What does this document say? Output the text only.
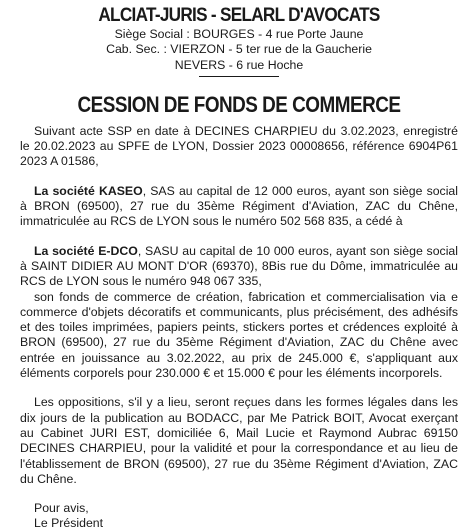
ALCIAT-JURIS - SELARL D'AVOCATS

Siège Social : BOURGES - 4 rue Porte Jaune

Cab. Sec. : VIERZON - 5 ter rue de la Gaucherie

NEVERS - 6 rue Hoche

CESSION DE FONDS DE COMMERCE

Suivant acte SSP en date à DECINES CHARPIEU du 3.02.2023, enregistré le 20.02.2023 au SPFE de LYON, Dossier 2023 00008656, référence 6904P61 2023 A 01586,

La société KASEO, SAS au capital de 12 000 euros, ayant son siège social à BRON (69500), 27 rue du 35ème Régiment d'Aviation, ZAC du Chêne, immatriculée au RCS de LYON sous le numéro 502 568 835, a cédé à

La société E-DCO, SASU au capital de 10 000 euros, ayant son siège social à SAINT DIDIER AU MONT D'OR (69370), 8Bis rue du Dôme, immatriculée au RCS de LYON sous le numéro 948 067 335,

son fonds de commerce de création, fabrication et commercialisation via e commerce d'objets décoratifs et communicants, plus précisément, des adhésifs et des toiles imprimées, papiers peints, stickers portes et crédences exploité à BRON (69500), 27 rue du 35ème Régiment d'Aviation, ZAC du Chêne avec entrée en jouissance au 3.02.2022, au prix de 245.000 €, s'appliquant aux éléments corporels pour 230.000 € et 15.000 € pour les éléments incorporels.

Les oppositions, s'il y a lieu, seront reçues dans les formes légales dans les dix jours de la publication au BODACC, par Me Patrick BOIT, Avocat exerçant au Cabinet JURI EST, domiciliée 6, Mail Lucie et Raymond Aubrac 69150 DECINES CHARPIEU, pour la validité et pour la correspondance et au lieu de l'établissement de BRON (69500), 27 rue du 35ème Régiment d'Aviation, ZAC du Chêne.

Pour avis,

Le Président
